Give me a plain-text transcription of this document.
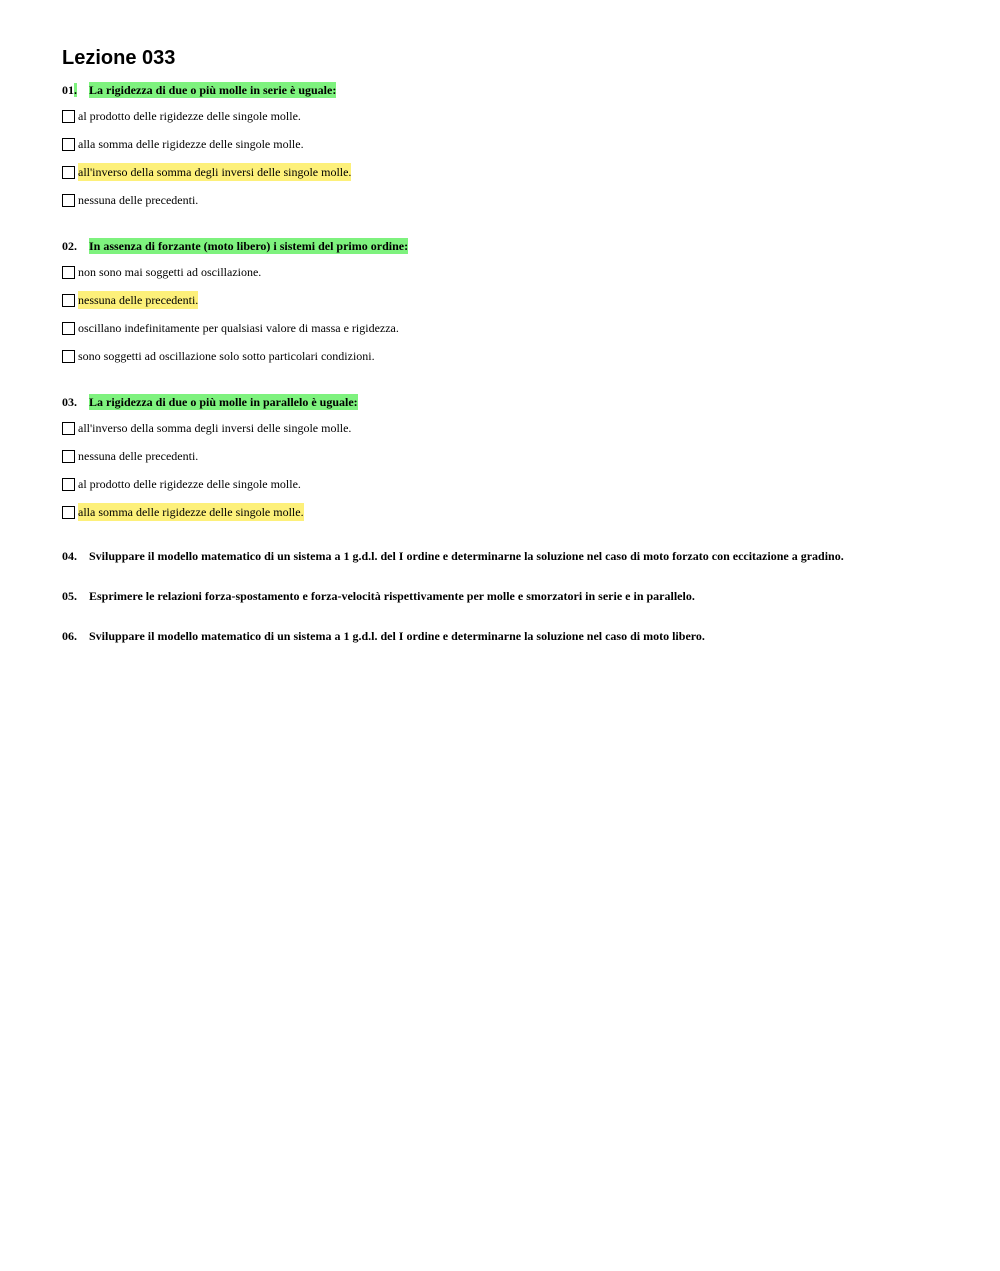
Lezione 033
01. La rigidezza di due o più molle in serie è uguale:
al prodotto delle rigidezze delle singole molle.
alla somma delle rigidezze delle singole molle.
all'inverso della somma degli inversi delle singole molle.
nessuna delle precedenti.
02. In assenza di forzante (moto libero) i sistemi del primo ordine:
non sono mai soggetti ad oscillazione.
nessuna delle precedenti.
oscillano indefinitamente per qualsiasi valore di massa e rigidezza.
sono soggetti ad oscillazione solo sotto particolari condizioni.
03. La rigidezza di due o più molle in parallelo è uguale:
all'inverso della somma degli inversi delle singole molle.
nessuna delle precedenti.
al prodotto delle rigidezze delle singole molle.
alla somma delle rigidezze delle singole molle.
04. Sviluppare il modello matematico di un sistema a 1 g.d.l. del I ordine e determinarne la soluzione nel caso di moto forzato con eccitazione a gradino.
05. Esprimere le relazioni forza-spostamento e forza-velocità rispettivamente per molle e smorzatori in serie e in parallelo.
06. Sviluppare il modello matematico di un sistema a 1 g.d.l. del I ordine e determinarne la soluzione nel caso di moto libero.
